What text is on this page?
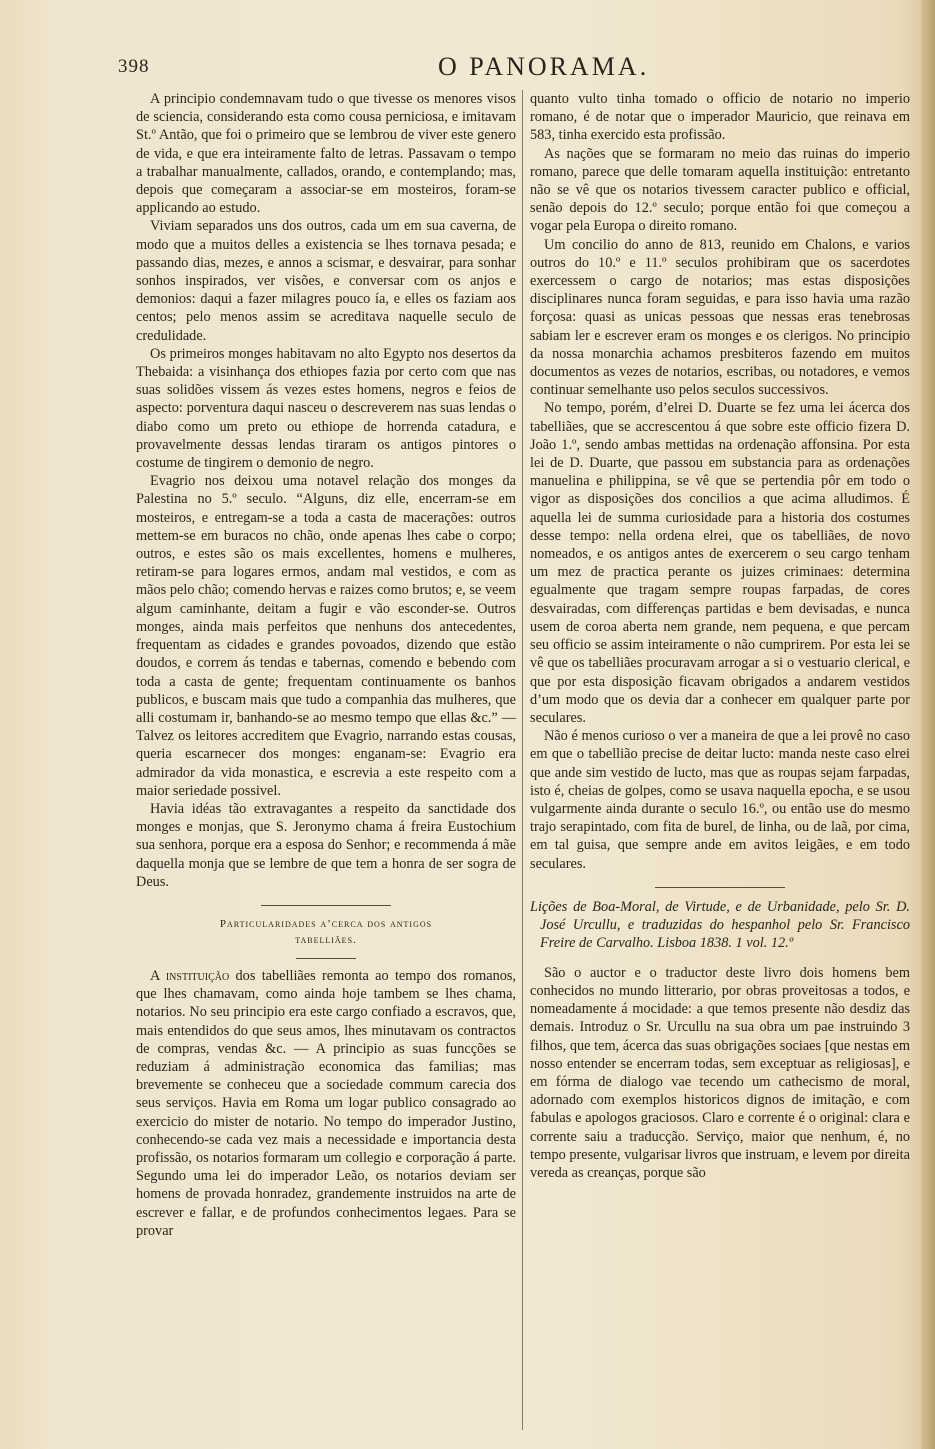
398	O PANORAMA.

A principio condemnavam tudo o que tivesse os menores visos de sciencia, considerando esta como cousa perniciosa, e imitavam St.º Antão, que foi o primeiro que se lembrou de viver este genero de vida, e que era inteiramente falto de letras. Passavam o tempo a trabalhar manualmente, callados, orando, e contemplando; mas, depois que começaram a associar-se em mosteiros, foram-se applicando ao estudo.

Viviam separados uns dos outros, cada um em sua caverna, de modo que a muitos delles a existencia se lhes tornava pesada; e passando dias, mezes, e annos a scismar, e desvairar, para sonhar sonhos inspirados, ver visões, e conversar com os anjos e demonios: daqui a fazer milagres pouco ía, e elles os faziam aos centos; pelo menos assim se acreditava naquelle seculo de credulidade.

Os primeiros monges habitavam no alto Egypto nos desertos da Thebaida: a visinhança dos ethiopes fazia por certo com que nas suas solidões vissem ás vezes estes homens, negros e feios de aspecto: porventura daqui nasceu o descreverem nas suas lendas o diabo como um preto ou ethiope de horrenda catadura, e provavelmente dessas lendas tiraram os antigos pintores o costume de tingirem o demonio de negro.

Evagrio nos deixou uma notavel relação dos monges da Palestina no 5.º seculo. “Alguns, diz elle, encerram-se em mosteiros, e entregam-se a toda a casta de macerações: outros mettem-se em buracos no chão, onde apenas lhes cabe o corpo; outros, e estes são os mais excellentes, homens e mulheres, retiram-se para logares ermos, andam mal vestidos, e com as mãos pelo chão; comendo hervas e raizes como brutos; e, se veem algum caminhante, deitam a fugir e vão esconder-se. Outros monges, ainda mais perfeitos que nenhuns dos antecedentes, frequentam as cidades e grandes povoados, dizendo que estão doudos, e correm ás tendas e tabernas, comendo e bebendo com toda a casta de gente; frequentam continuamente os banhos publicos, e buscam mais que tudo a companhia das mulheres, que alli costumam ir, banhando-se ao mesmo tempo que ellas &c.” — Talvez os leitores accreditem que Evagrio, narrando estas cousas, queria escarnecer dos monges: enganam-se: Evagrio era admirador da vida monastica, e escrevia a este respeito com a maior seriedade possivel.

Havia idéas tão extravagantes a respeito da sanctidade dos monges e monjas, que S. Jeronymo chama á freira Eustochium sua senhora, porque era a esposa do Senhor; e recommenda á mãe daquella monja que se lembre de que tem a honra de ser sogra de Deus.

Particularidades a’cerca dos antigos
tabelliães.

A instituição dos tabelliães remonta ao tempo dos romanos, que lhes chamavam, como ainda hoje tambem se lhes chama, notarios. No seu principio era este cargo confiado a escravos, que, mais entendidos do que seus amos, lhes minutavam os contractos de compras, vendas &c. — A principio as suas funcções se reduziam á administração economica das familias; mas brevemente se conheceu que a sociedade commum carecia dos seus serviços. Havia em Roma um logar publico consagrado ao exercicio do mister de notario. No tempo do imperador Justino, conhecendo-se cada vez mais a necessidade e importancia desta profissão, os notarios formaram um collegio e corporação á parte. Segundo uma lei do imperador Leão, os notarios deviam ser homens de provada honradez, grandemente instruidos na arte de escrever e fallar, e de profundos conhecimentos legaes. Para se provar

quanto vulto tinha tomado o officio de notario no imperio romano, é de notar que o imperador Mauricio, que reinava em 583, tinha exercido esta profissão.

As nações que se formaram no meio das ruinas do imperio romano, parece que delle tomaram aquella instituição: entretanto não se vê que os notarios tivessem caracter publico e official, senão depois do 12.º seculo; porque então foi que começou a vogar pela Europa o direito romano.

Um concilio do anno de 813, reunido em Chalons, e varios outros do 10.º e 11.º seculos prohibiram que os sacerdotes exercessem o cargo de notarios; mas estas disposições disciplinares nunca foram seguidas, e para isso havia uma razão forçosa: quasi as unicas pessoas que nessas eras tenebrosas sabiam ler e escrever eram os monges e os clerigos. No principio da nossa monarchia achamos presbiteros fazendo em muitos documentos as vezes de notarios, escribas, ou notadores, e vemos continuar semelhante uso pelos seculos successivos.

No tempo, porém, d’elrei D. Duarte se fez uma lei ácerca dos tabelliães, que se accrescentou á que sobre este officio fizera D. João 1.º, sendo ambas mettidas na ordenação affonsina. Por esta lei de D. Duarte, que passou em substancia para as ordenações manuelina e philippina, se vê que se pertendia pôr em todo o vigor as disposições dos concilios a que acima alludimos. É aquella lei de summa curiosidade para a historia dos costumes desse tempo: nella ordena elrei, que os tabelliães, de novo nomeados, e os antigos antes de exercerem o seu cargo tenham um mez de practica perante os juizes criminaes: determina egualmente que tragam sempre roupas farpadas, de cores desvairadas, com differenças partidas e bem devisadas, e nunca usem de coroa aberta nem grande, nem pequena, e que percam seu officio se assim inteiramente o não cumprirem. Por esta lei se vê que os tabelliães procuravam arrogar a si o vestuario clerical, e que por esta disposição ficavam obrigados a andarem vestidos d’um modo que os devia dar a conhecer em qualquer parte por seculares.

Não é menos curioso o ver a maneira de que a lei provê no caso em que o tabellião precise de deitar lucto: manda neste caso elrei que ande sim vestido de lucto, mas que as roupas sejam farpadas, isto é, cheias de golpes, como se usava naquella epocha, e se usou vulgarmente ainda durante o seculo 16.º, ou então use do mesmo trajo serapintado, com fita de burel, de linha, ou de laã, por cima, em tal guisa, que sempre ande em avitos leigães, e em todo seculares.

Lições de Boa-Moral, de Virtude, e de Urbanidade, pelo Sr. D. José Urcullu, e traduzidas do hespanhol pelo Sr. Francisco Freire de Carvalho. Lisboa 1838. 1 vol. 12.º

São o auctor e o traductor deste livro dois homens bem conhecidos no mundo litterario, por obras proveitosas a todos, e nomeadamente á mocidade: a que temos presente não desdiz das demais. Introduz o Sr. Urcullu na sua obra um pae instruindo 3 filhos, que tem, ácerca das suas obrigações sociaes [que nestas em nosso entender se encerram todas, sem exceptuar as religiosas], e em fórma de dialogo vae tecendo um cathecismo de moral, adornado com exemplos historicos dignos de imitação, e com fabulas e apologos graciosos. Claro e corrente é o original: clara e corrente saiu a traducção. Serviço, maior que nenhum, é, no tempo presente, vulgarisar livros que instruam, e levem por direita vereda as creanças, porque são
